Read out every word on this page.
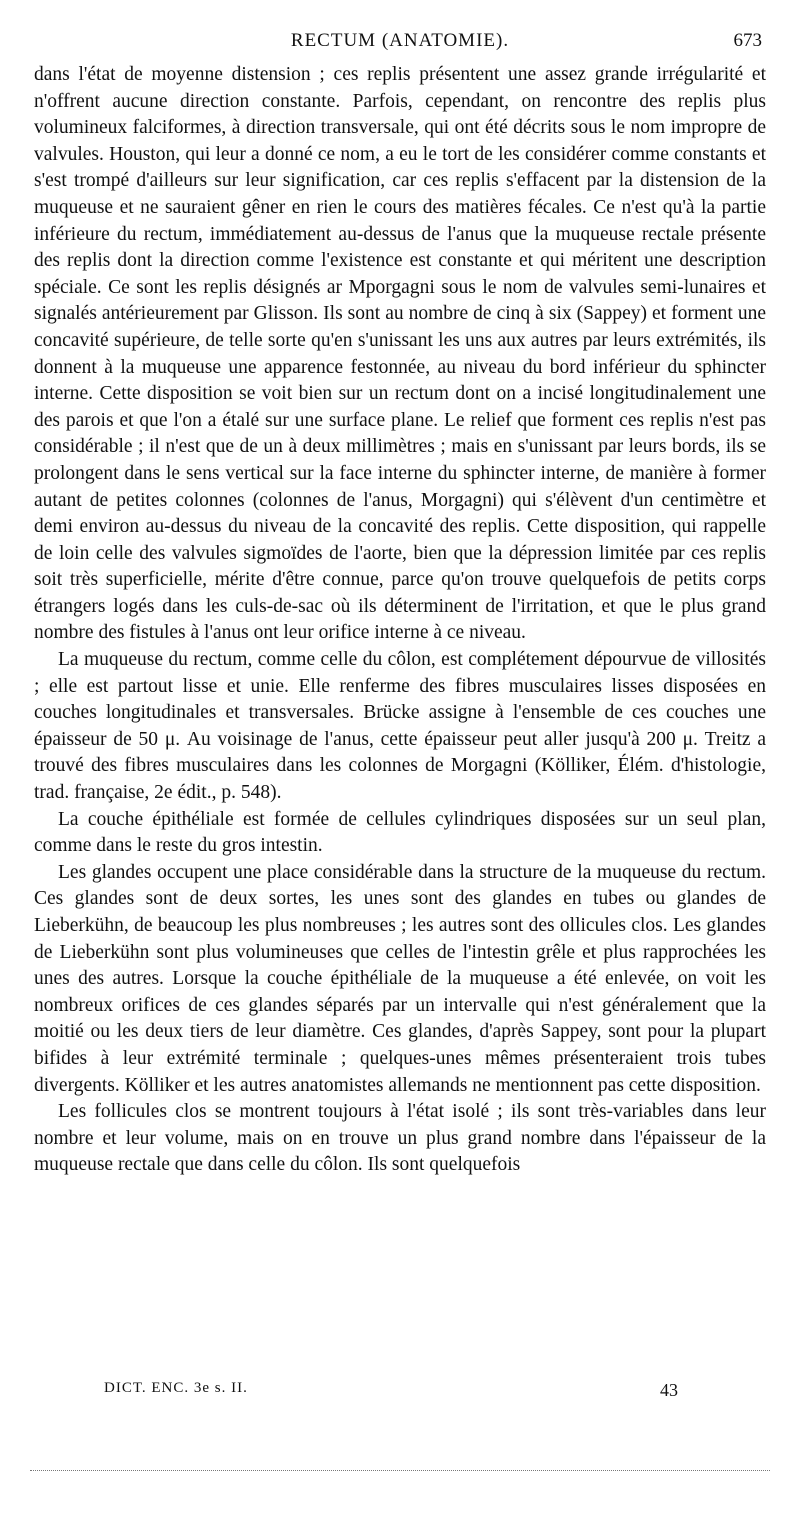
RECTUM (ANATOMIE).	673

dans l'état de moyenne distension ; ces replis présentent une assez grande irrégularité et n'offrent aucune direction constante. Parfois, cependant, on rencontre des replis plus volumineux falciformes, à direction transversale, qui ont été décrits sous le nom impropre de valvules. Houston, qui leur a donné ce nom, a eu le tort de les considérer comme constants et s'est trompé d'ailleurs sur leur signification, car ces replis s'effacent par la distension de la muqueuse et ne sauraient gêner en rien le cours des matières fécales. Ce n'est qu'à la partie inférieure du rectum, immédiatement au-dessus de l'anus que la muqueuse rectale présente des replis dont la direction comme l'existence est constante et qui méritent une description spéciale. Ce sont les replis désignés ar Mporgagni sous le nom de valvules semi-lunaires et signalés antérieurement par Glisson. Ils sont au nombre de cinq à six (Sappey) et forment une concavité supérieure, de telle sorte qu'en s'unissant les uns aux autres par leurs extrémités, ils donnent à la muqueuse une apparence festonnée, au niveau du bord inférieur du sphincter interne. Cette disposition se voit bien sur un rectum dont on a incisé longitudinalement une des parois et que l'on a étalé sur une surface plane. Le relief que forment ces replis n'est pas considérable ; il n'est que de un à deux millimètres ; mais en s'unissant par leurs bords, ils se prolongent dans le sens vertical sur la face interne du sphincter interne, de manière à former autant de petites colonnes (colonnes de l'anus, Morgagni) qui s'élèvent d'un centimètre et demi environ au-dessus du niveau de la concavité des replis. Cette disposition, qui rappelle de loin celle des valvules sigmoïdes de l'aorte, bien que la dépression limitée par ces replis soit très superficielle, mérite d'être connue, parce qu'on trouve quelquefois de petits corps étrangers logés dans les culs-de-sac où ils déterminent de l'irritation, et que le plus grand nombre des fistules à l'anus ont leur orifice interne à ce niveau.

La muqueuse du rectum, comme celle du côlon, est complétement dépourvue de villosités ; elle est partout lisse et unie. Elle renferme des fibres musculaires lisses disposées en couches longitudinales et transversales. Brücke assigne à l'ensemble de ces couches une épaisseur de 50 μ. Au voisinage de l'anus, cette épaisseur peut aller jusqu'à 200 μ. Treitz a trouvé des fibres musculaires dans les colonnes de Morgagni (Kölliker, Élém. d'histologie, trad. française, 2e édit., p. 548).

La couche épithéliale est formée de cellules cylindriques disposées sur un seul plan, comme dans le reste du gros intestin.

Les glandes occupent une place considérable dans la structure de la muqueuse du rectum. Ces glandes sont de deux sortes, les unes sont des glandes en tubes ou glandes de Lieberkühn, de beaucoup les plus nombreuses ; les autres sont des ollicules clos. Les glandes de Lieberkühn sont plus volumineuses que celles de l'intestin grêle et plus rapprochées les unes des autres. Lorsque la couche épithéliale de la muqueuse a été enlevée, on voit les nombreux orifices de ces glandes séparés par un intervalle qui n'est généralement que la moitié ou les deux tiers de leur diamètre. Ces glandes, d'après Sappey, sont pour la plupart bifides à leur extrémité terminale ; quelques-unes mêmes présenteraient trois tubes divergents. Kölliker et les autres anatomistes allemands ne mentionnent pas cette disposition.

Les follicules clos se montrent toujours à l'état isolé ; ils sont très-variables dans leur nombre et leur volume, mais on en trouve un plus grand nombre dans l'épaisseur de la muqueuse rectale que dans celle du côlon. Ils sont quelquefois

DICT. ENC. 3e s. II.	43
